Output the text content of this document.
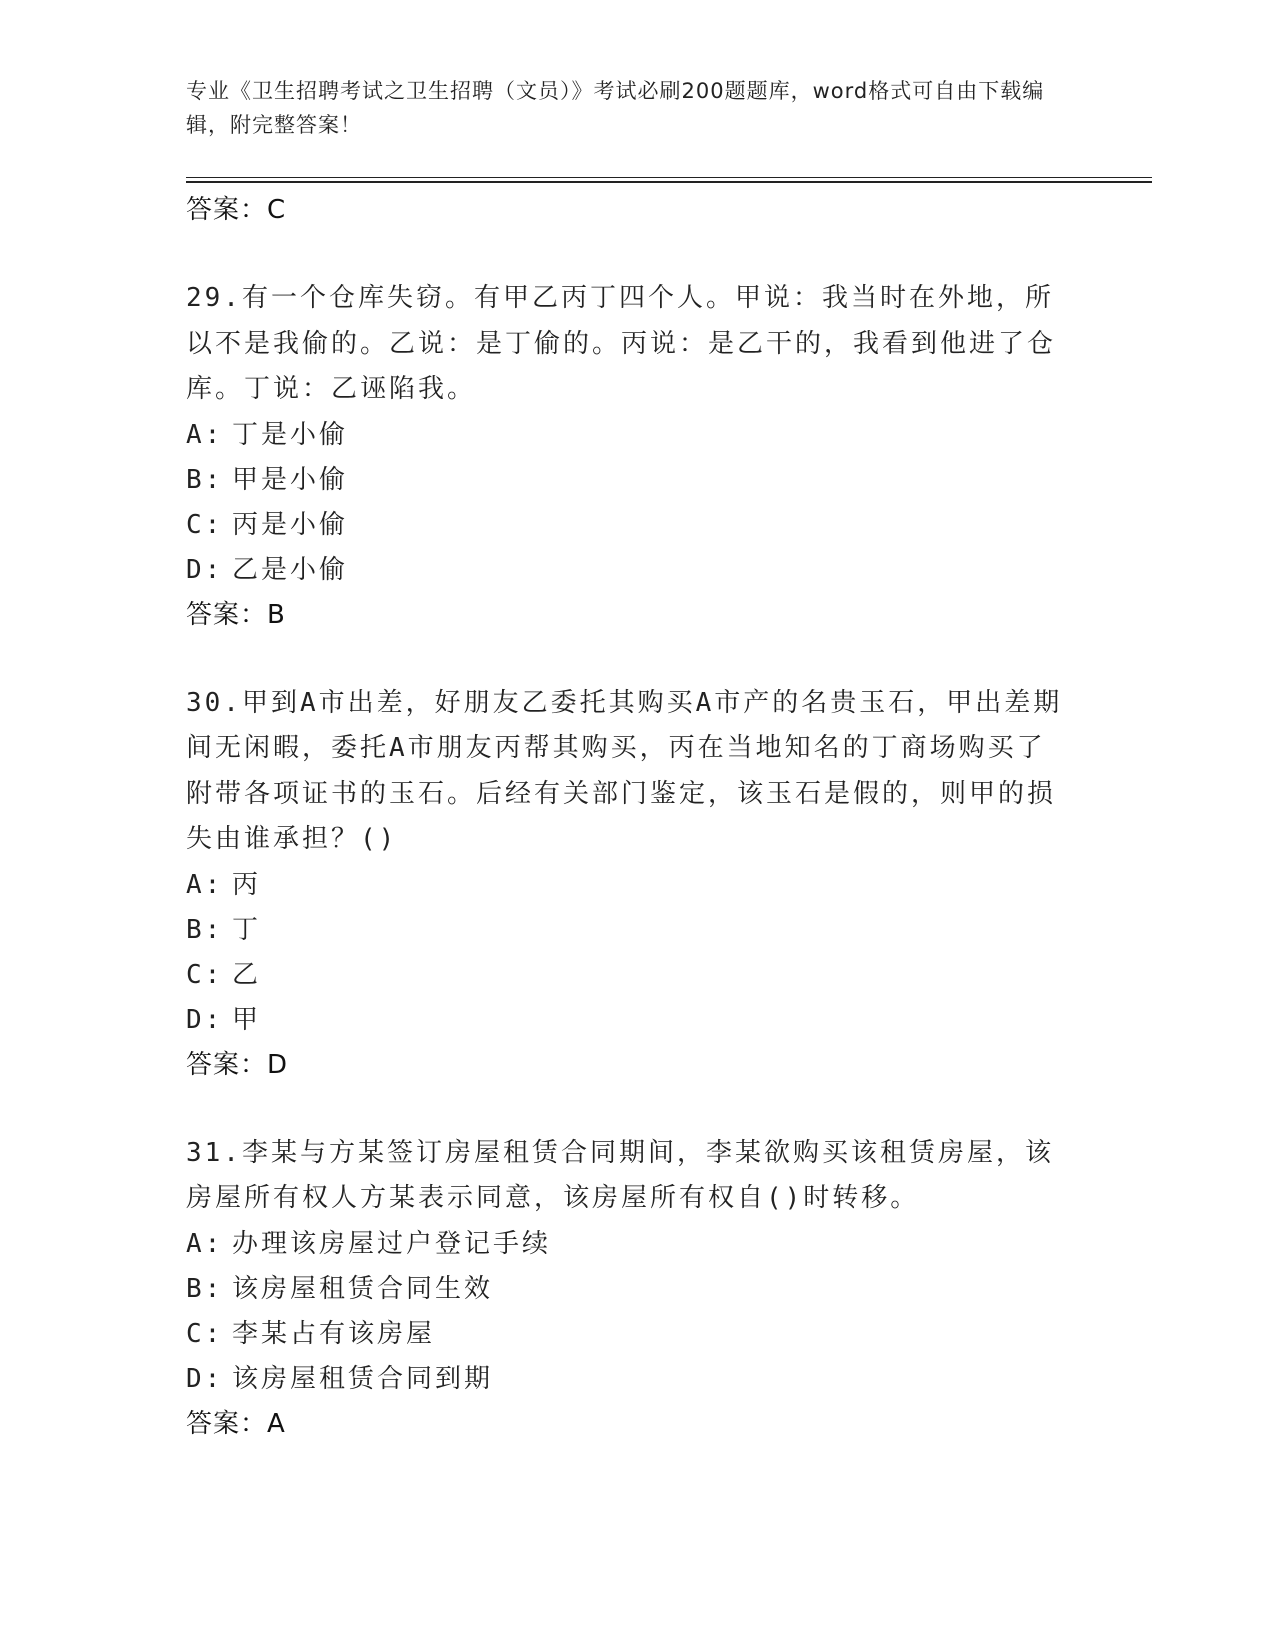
专业《卫生招聘考试之卫生招聘（文员）》考试必刷200题题库，word格式可自由下载编辑，附完整答案！
答案：C
29.有一个仓库失窃。有甲乙丙丁四个人。甲说：我当时在外地，所以不是我偷的。乙说：是丁偷的。丙说：是乙干的，我看到他进了仓库。丁说：乙诬陷我。
A: 丁是小偷
B: 甲是小偷
C: 丙是小偷
D: 乙是小偷
答案：B
30.甲到A市出差，好朋友乙委托其购买A市产的名贵玉石，甲出差期间无闲暇，委托A市朋友丙帮其购买，丙在当地知名的丁商场购买了附带各项证书的玉石。后经有关部门鉴定，该玉石是假的，则甲的损失由谁承担？()
A: 丙
B: 丁
C: 乙
D: 甲
答案：D
31.李某与方某签订房屋租赁合同期间，李某欲购买该租赁房屋，该房屋所有权人方某表示同意，该房屋所有权自()时转移。
A: 办理该房屋过户登记手续
B: 该房屋租赁合同生效
C: 李某占有该房屋
D: 该房屋租赁合同到期
答案：A
